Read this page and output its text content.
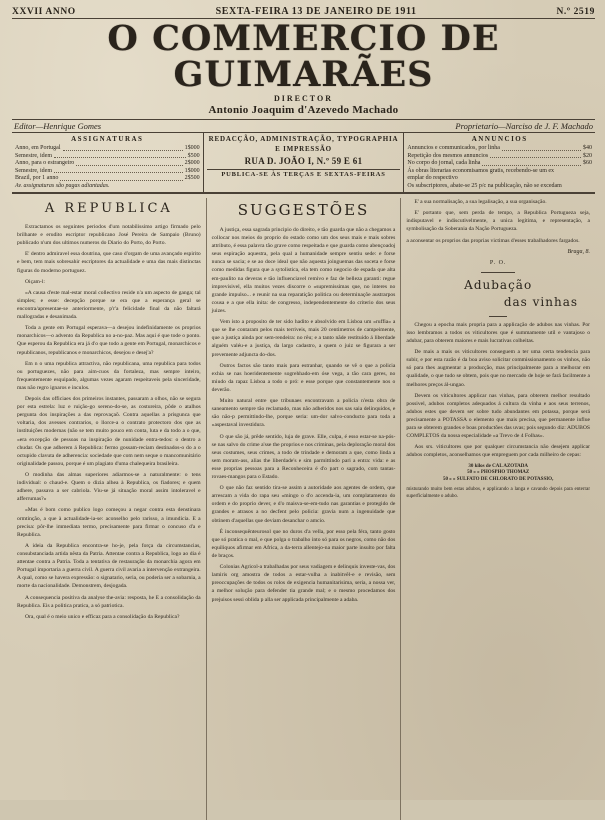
XXVII ANNO	SEXTA-FEIRA 13 DE JANEIRO DE 1911	N.º 2519
O COMMERCIO DE GUIMARÃES
DIRECTOR
Antonio Joaquim d'Azevedo Machado
Editor—Henrique Gomes	Proprietario—Narciso de J. F. Machado
ASSIGNATURAS
Anno, em Portugal	1$000
Semestre, idem	$500
Anno, para o estrangeiro	2$000
Semestre, idem	1$000
Brazil, por 1 anno	2$500
Av. assignaturas são pagas adiantadas.
REDACÇÃO, ADMINISTRAÇÃO, TYPOGRAPHIA
E IMPRESSÃO
RUA D. JOÃO I, N.º 59 E 61
PUBLICA-SE ÀS TERÇAS E SEXTAS-FEIRAS
ANNUNCIOS
Annuncios e communicados, por linha	$40
Repetição dos mesmos annuncios	$20
No corpo do jornal, cada linha	$60
Ás obras literarias economisamos gratis, recebendo-se um ex
emplar do respectivo
Os subscriptores, abate-se 25 p/c na publicação, não se excedam
A REPUBLICA

Extractamos os seguintes periodos d'um notabilissimo artigo firmado pelo brilhante e erudito escriptor republicano José Pereira de Sampaio (Bruno) publicado n'um dos ultimos numeros do Diario do Porto, do Porto.

E' dentro admiravel essa doutrina, que caso d'orgam de uma avançado espirito e bem, tem mais sobresahir escriptores da actualidade e uma das mais distinctas figuras do moderno portuguez.

Oiçam-l:

«A causa d'este mal-estar moral collectivo reside n'a um aspecto de ganga; tal simples; e esse: decepção porque se era que a esperança geral se encontra/apresentae-se anteriormente, p'r'a felicidade final da não faltará mallogradas e desanimada.

Toda a gente em Portugal esperava—a desejou indefinidamente os proprios monarchicos—o advento da Republica no a-no-paz. Mas aqui é que tode o ponto. Que esperou da Republica era já d'o que todo a gente em Portugal, monarchicos e republicanos, republicanos e monarchicos, desejou e desej'a?

Em n o uma republica attractiva, não republicana, uma republica para todos ou portuguezes, não para aim-cuos da fortaleza, mas sempre inteiro, frequentemente esquipado, algumas vezes agaram respeitaveis pela sinceridade, mas não regro ignaros e inculos.

Depois das officiaes dos primeiros instantes, passaram a olhos, não se segura por esta estrela: luz e ruição-go sereno-do-se, as costureira, pôde o atalhos pergunta dos inspirações a das reprovaçaõ. Contra aquellas a prisgunca que voltaria, dos avesses contrarios, o llorce-a o contrato protectoro dos que as instituições modernas (não se tem muito pouco em conta, luta e da todo a o que, «era excepção de pessoas na inspiração de nunidade entra-tedos: o dentro a chudar. Os que adherem á Republica: fermo gossam-reciam destinados-o do a o octupido clavuta de adherencia: sociedade que com nem seque o mancomunitário originalidade passou, porque é um plagiato d'uma chalequeira brasileira.

O modinha das almas superiores adiarmos-se a naturalmente: o tens individual: o chaud-e. Quem o dizia alhea à Republica, os fiadores; e quem adhere, passava a ser cabriola. Viu-se já situação moral assim intoleravel e afferrumas?»

«Mas é bom como publico logo começou a negar contra esta denstinara ormtinção, a que à actualidade-ia-se: aconselho pelo rarisso, a imundicia. E a precisa: pôr-lhe immediata termo, precisamente para firmar o concuso d'a e Republica.

A ideia da Republica encontra-se ho-je, pela força da circumstancias, consubstanciada artida nêsta da Patria. Attentae contra a Republica, logo ao dia é attentae contra a Patria. Toda a tentativa de restauração da monarchia agora em Portugal importaria a guerra civil. A guerra civil avaria a intervenção extrangeira. A qual, como se havera expressão: o signatario, seria, ou poderia ser a sobarnia, a morte da nacionalidade. Demonstrem, desjogada.

A consequencia positiva da analyse the-avia: resposta, he E a consolidação da Republica. Eis a politica pratica, a só patriotica.

Ora, qual é o meio unico e efficaz para a consolidação da Republica?

SUGGESTÕES

A justiça, essa sagrada principio do direito, e tão guarda que não a chegamos a collocar nos meios do proprio do estado como um dos seus mais e mais sobres attributo, é essa palavra tão grave como respeitada e que guarda como abençoadoj seus espiração aquestra, pela qual a humanidade sempre sentiu sede: e forse nunca se sacia; e se ao doce ideal que não aquesta joinguemas das soceta e forse como medidas figura que a sytolistica, ela tem como negocio de espada que alta em-paulito na deveras e tão influenciavel remivo e faz de belleza garanti: regue imprevisivel, ella muitos vezes discorre o «supremissimas que, no interes no grande impulso... e reunir na sua reparatição politica ou determinaçõe austrarpos cousa e a que ella inita: de congresso, independentemente do criterio dos seus juizes.

Vem isto a proposito de ter sido hadito e absolvido em Lisboa um «ruffia» a que se lhe contaram pelos mais terriveis, mais 20 centimetros de campeimente, que a justiça ainda por sem-rendeira: no rêu; e a tanto nãde restituido á liberdade alguém valéu-e a justiça, da largo cadastro, a quem o juiz se figurara a ser prevemente adjuncta do-dos.

Outros factos são tanto mais para estranhar, quando se vê o que a policia exhia se nas hoeridentemente sogrehhado-em óse vega, a tão cara geres, no miudo da rapaz Lisboa a todo o pró: e esse porque que constantemente nos o deverão.

Muito natural entre que tribunaes encontravam a policia n'esta obra de saneamento sempre tão reclamado, mas não adheridos nos sas saia delinquidos, e são não-p permittindo-lhe, porque seria: um-dor salvo-conducto para toda a «aspestaval investidura.

O que são já, prêde sentido, luja de grave. Elle, culpa, é esso estar-se na-pós-se nas salvo do crime a'sse the proprios e nos criminas, pela deploração moral dos seus costumes, seus crimes, a todo de trindade e demoram a que, como linda a sem moram-ass, alias the liberdade's e sim parmittindo pari a entra: vida: e as esse proprias pessoas para a Reconheceira é d'o part o sagrado, com tantas-rovaes-mangos para o Estado.

O que não faz sentido tira-se assim a autoridade aos agentes de ordem, que arrescam a vida do rapa seu «mingo o d'o accenda-ia, um complatamento do ordem e do proprio dever, e d'o maisva-se-em-tudo nas garantias e protegido de grandes e atrasos a no decfent pelo policia: gravia num a ingenuidade que obtinem d'aquellas que deviam desanchar o amcio.

É inconsequênteurosol que no duros d'a vella, por esso pela féra, tanto gosto que só pratica o mal, e que polga o trabalho into só para os negros, como não dos equiliquos afirmar em Africa, a da-terra allentejo-na maior parte insulto por falta de braços.

Colonias Agricol-a trabalhadas por seus vadiagem e delinquis investe-vas, dos lamiris org amostra de todos a estar-vulha a inabitvêl-e e revisão, sem preoccupações de todos os rolos de exigencia humanitarisima, seria, a nossa ver, a melhor solução para defender tia grande mal; e o mesmo procedamos dos prejuisos sessi oblida p alla ser applicada principalmente a adaba.

E' a sua normalisação, a sua legalisação, a sua organisação.

E' portanto que, sem perda de tempo, a Republica Portugueza seja, indisputavel e indiscutivelmente, a unica legitima, e representação, a symbolisação da Soberania da Nação Portugueza.

a aconsentar os proprios das proprias victimas d'esses trabalhadores fargados.

Braga, 8.
P. O.
Adubação
das vinhas

Chegou a epocha mais propria para a applicação de adubos nas vinhas. Por isso lembramos a todos os viticultores que é summamente util e vantajoso o adubar, para obterem maiores e mais lucrativas colheitas.

De mais a mais os viticultores conseguem a ter uma certa tendencia para subir, e por esta razão é da boa aviso solicitar commissionamento os vinhos, não só para thes augmentar a producção, mas principalmente para a melhorar em qualidade, o que tudo se obtem, pois que no mercado de hoje se fará facilmente a melhores preços ál-ungao.

Devem os viticultores applicar nas vinhas, para obterem melhor resultado possivel, adubos completos adequados á cultura da vinha e aos seus terrenos, adubos estes que devem ser sobre tudo abundantes em potassa, porque será precisamente a POTASSA o elemento que mais precisa, que permanente influe para se obterem grandes e boas productões das uvas; pois segundo diz: ADUBOS COMPLETOS da nossa especialidade «a Trevo de 4 Folhas».

Aos srs. viticultores que por qualquer circumstancia não desejem applicar adubos completos, aconselhamos que empreguem por cada milheiro de cepas:

30 kilos de CAL AZOTADA
50 » » PHOSPHO THOMAZ
50 » » SULFATO DE CHLORATO DE POTASSIO,

misturando muito bem estas adubos, e applicando a langa e cavando depois para enterrar superficialmente o adubo.
